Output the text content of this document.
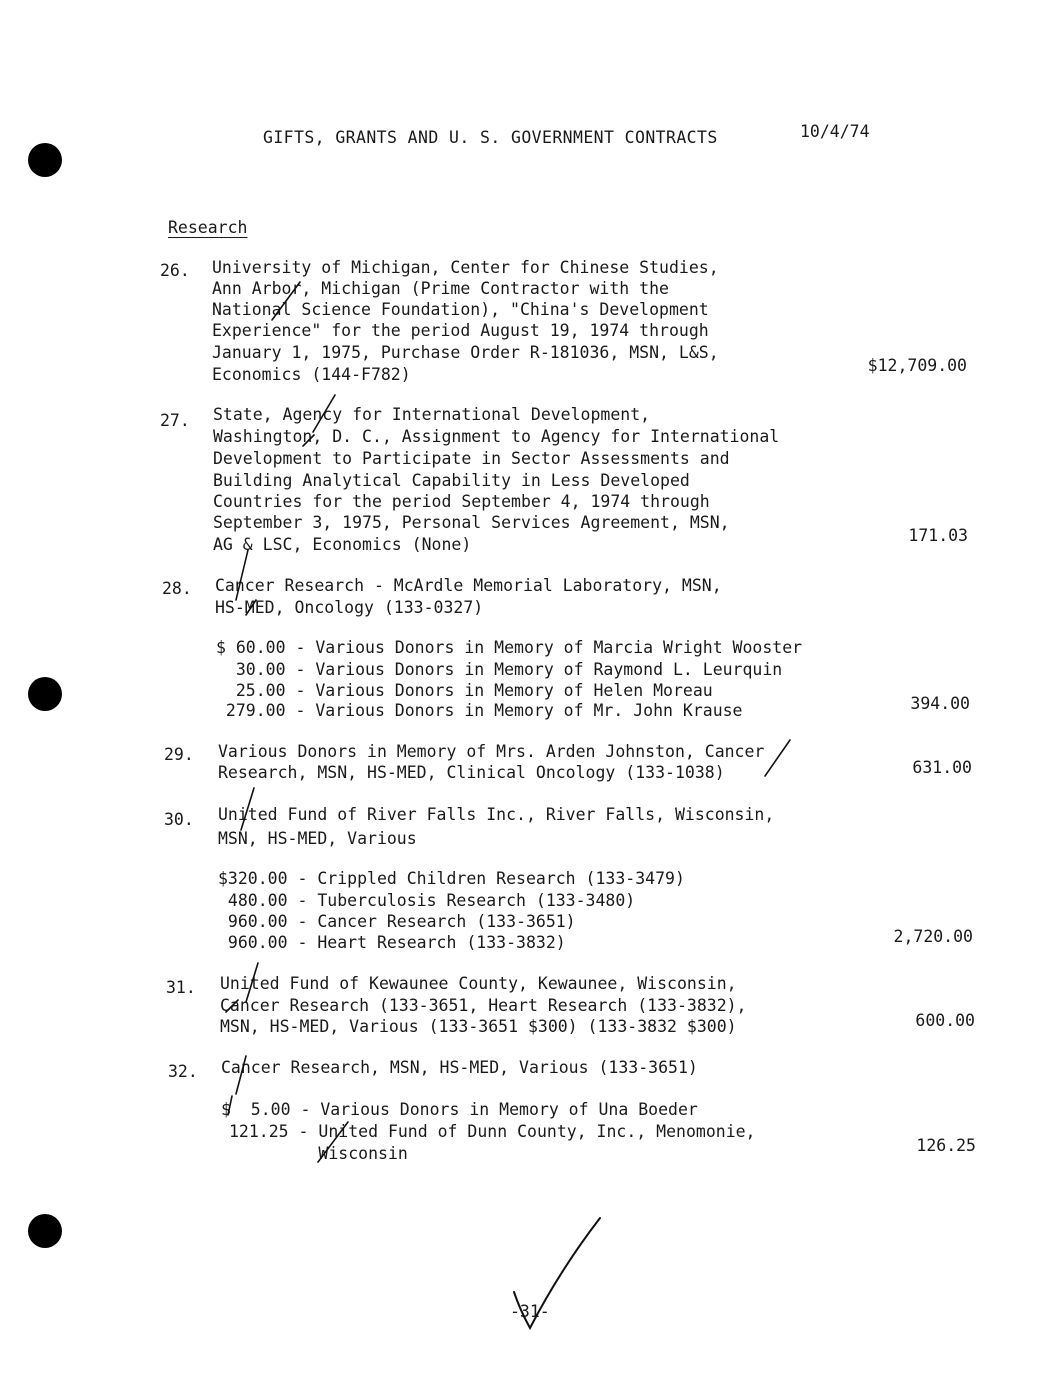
GIFTS, GRANTS AND U. S. GOVERNMENT CONTRACTS	10/4/74
Research
26. University of Michigan, Center for Chinese Studies,
Ann Arbor, Michigan (Prime Contractor with the
National Science Foundation), "China's Development
Experience" for the period August 19, 1974 through
January 1, 1975, Purchase Order R-181036, MSN, L&S,
Economics (144-F782)	$12,709.00
27. State, Agency for International Development,
Washington, D. C., Assignment to Agency for International
Development to Participate in Sector Assessments and
Building Analytical Capability in Less Developed
Countries for the period September 4, 1974 through
September 3, 1975, Personal Services Agreement, MSN,
AG & LSC, Economics (None)	171.03
28. Cancer Research - McArdle Memorial Laboratory, MSN,
HS-MED, Oncology (133-0327)
$ 60.00 - Various Donors in Memory of Marcia Wright Wooster
30.00 - Various Donors in Memory of Raymond L. Leurquin
25.00 - Various Donors in Memory of Helen Moreau
279.00 - Various Donors in Memory of Mr. John Krause	394.00
29. Various Donors in Memory of Mrs. Arden Johnston, Cancer
Research, MSN, HS-MED, Clinical Oncology (133-1038)	631.00
30. United Fund of River Falls Inc., River Falls, Wisconsin,
MSN, HS-MED, Various
$320.00 - Crippled Children Research (133-3479)
480.00 - Tuberculosis Research (133-3480)
960.00 - Cancer Research (133-3651)
960.00 - Heart Research (133-3832)	2,720.00
31. United Fund of Kewaunee County, Kewaunee, Wisconsin,
Cancer Research (133-3651, Heart Research (133-3832),
MSN, HS-MED, Various (133-3651 $300) (133-3832 $300)	600.00
32. Cancer Research, MSN, HS-MED, Various (133-3651)
$  5.00 - Various Donors in Memory of Una Boeder
121.25 - United Fund of Dunn County, Inc., Menomonie,
Wisconsin	126.25
-31-
